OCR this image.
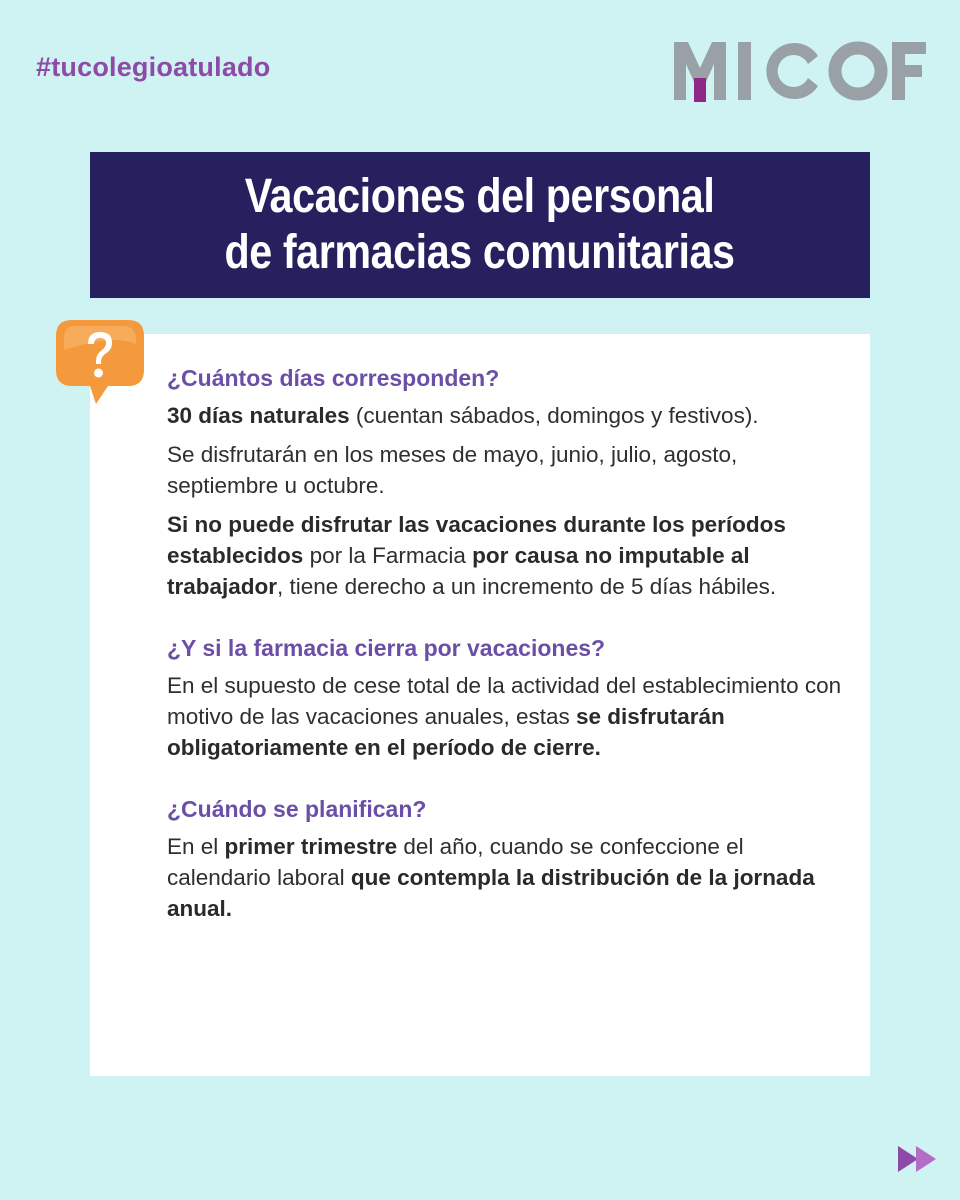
#tucolegioatulado
Vacaciones del personal
de farmacias comunitarias
¿Cuántos días corresponden?

30 días naturales (cuentan sábados, domingos y festivos).

Se disfrutarán en los meses de mayo, junio, julio, agosto, septiembre u octubre.

Si no puede disfrutar las vacaciones durante los períodos establecidos por la Farmacia por causa no imputable al trabajador, tiene derecho a un incremento de 5 días hábiles.

¿Y si la farmacia cierra por vacaciones?

En el supuesto de cese total de la actividad del establecimiento con motivo de las vacaciones anuales, estas se disfrutarán obligatoriamente en el período de cierre.

¿Cuándo se planifican?

En el primer trimestre del año, cuando se confeccione el calendario laboral que contempla la distribución de la jornada anual.
